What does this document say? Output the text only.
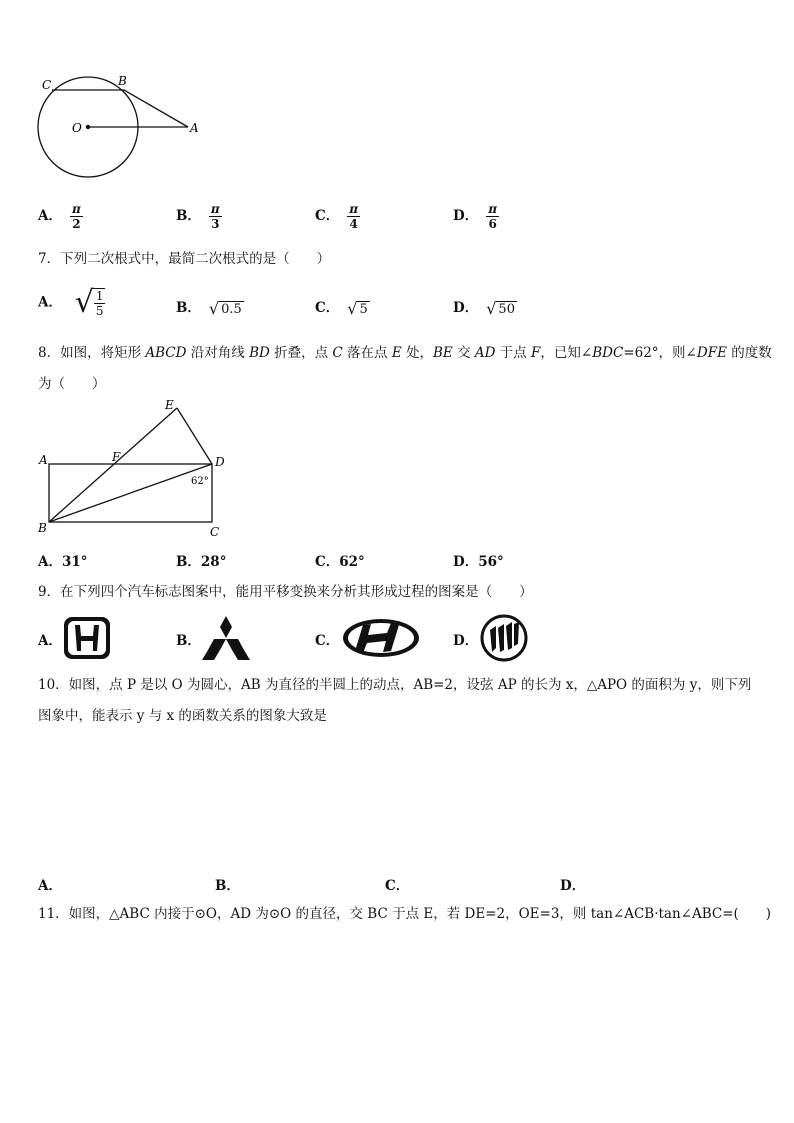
C	B
O	A
A． $\frac{\pi}{2}$	B． $\frac{\pi}{3}$	C． $\frac{\pi}{4}$	D． $\frac{\pi}{6}$
7．下列二次根式中，最简二次根式的是（　　）
A． √ $\frac{1}{5}$	B． √ 0.5	C． √ 5	D． √ 50
8．如图，将矩形 ABCD 沿对角线 BD 折叠，点 C 落在点 E 处，BE 交 AD 于点 F，已知∠BDC=62°，则∠DFE 的度数
为（　　）
E
A	F	D
62°
B	C
A．31°	B．28°	C．62°	D．56°
9．在下列四个汽车标志图案中，能用平移变换来分析其形成过程的图案是（　　）
A．	B．	C．	D．
10．如图，点 P 是以 O 为圆心，AB 为直径的半圆上的动点，AB=2，设弦 AP 的长为 x，△APO 的面积为 y，则下列
图象中，能表示 y 与 x 的函数关系的图象大致是
A．	B．	C．	D．
11．如图，△ABC 内接于⊙O，AD 为⊙O 的直径，交 BC 于点 E，若 DE=2，OE=3，则 tan∠ACB·tan∠ABC=(　　)
